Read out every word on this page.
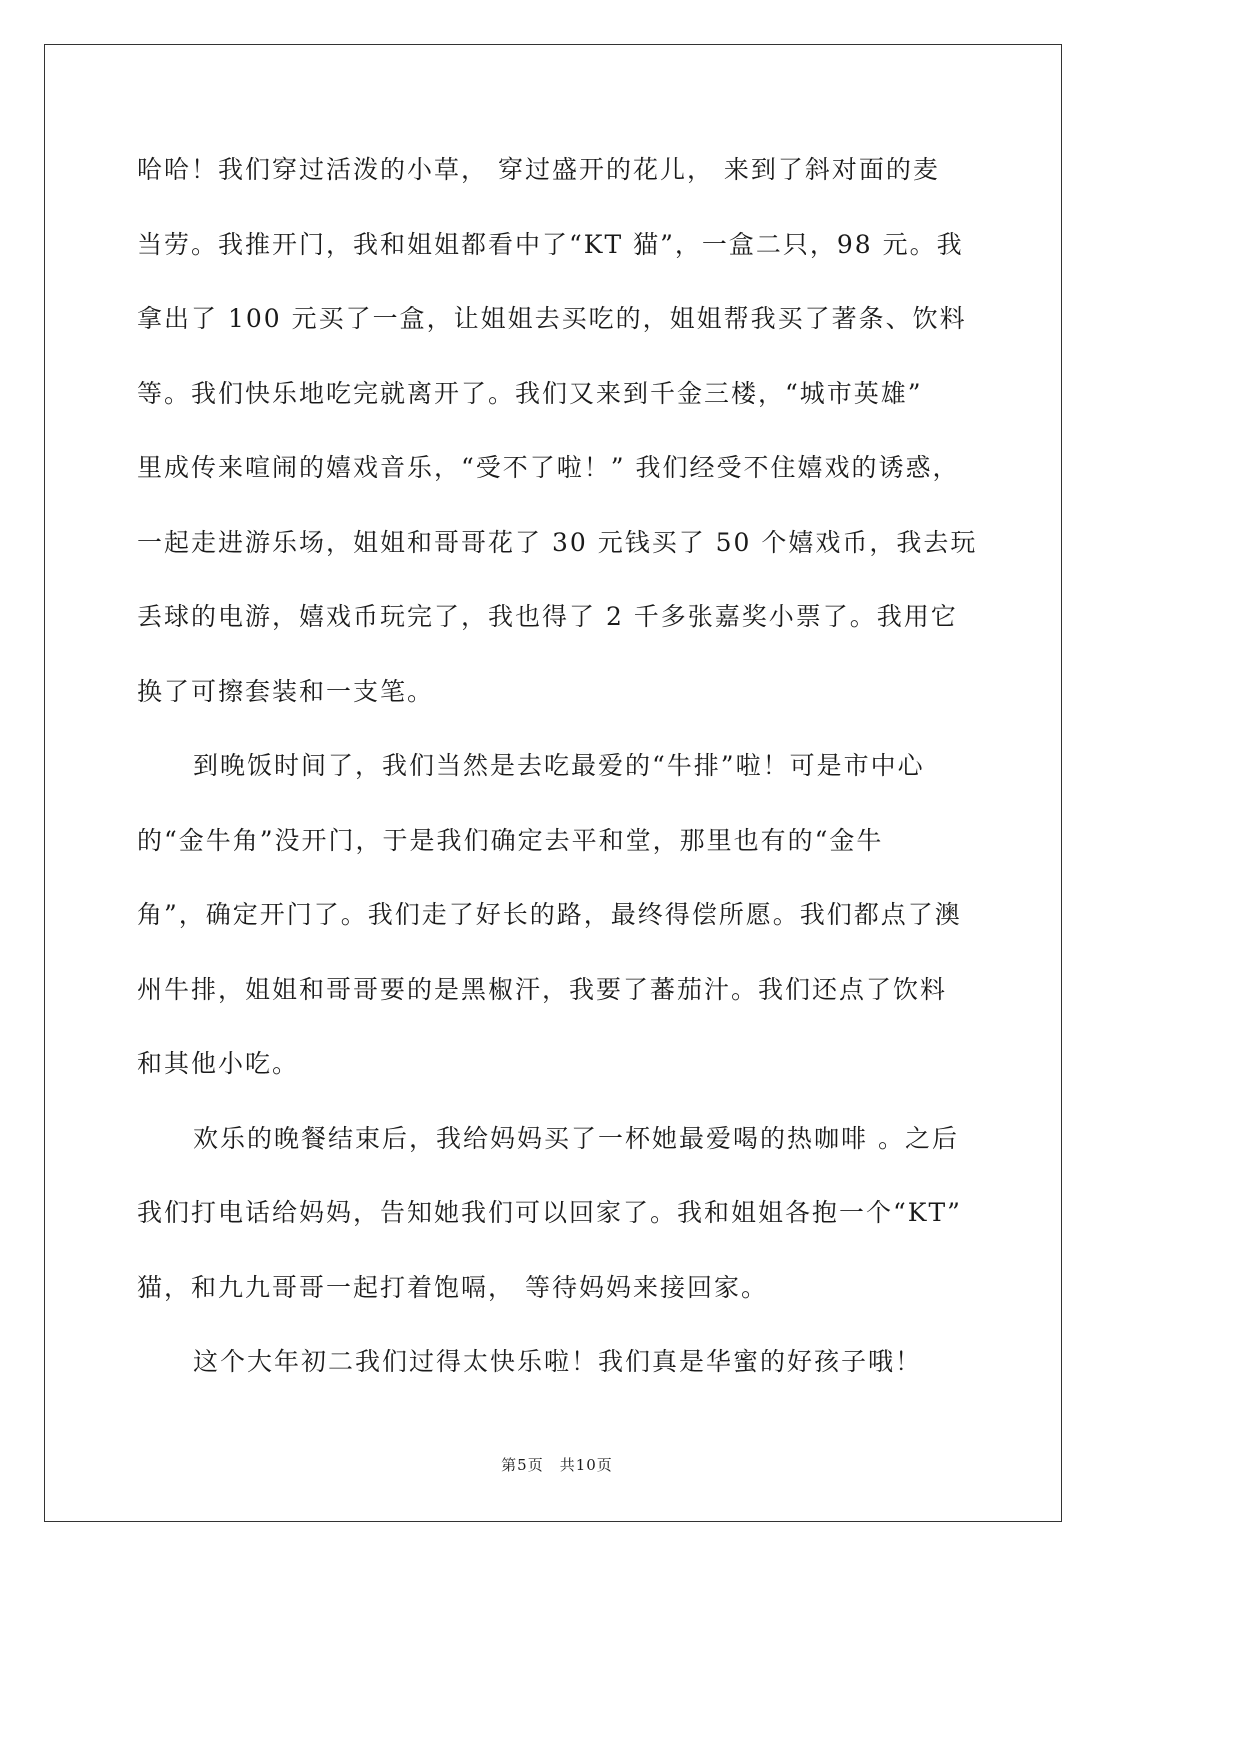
哈哈！我们穿过活泼的小草， 穿过盛开的花儿， 来到了斜对面的麦
当劳。我推开门，我和姐姐都看中了“KT 猫”，一盒二只，98 元。我
拿出了 100 元买了一盒，让姐姐去买吃的，姐姐帮我买了著条、饮料
等。我们快乐地吃完就离开了。我们又来到千金三楼，“城市英雄”
里成传来喧闹的嬉戏音乐，“受不了啦！” 我们经受不住嬉戏的诱惑，
一起走进游乐场，姐姐和哥哥花了 30 元钱买了 50 个嬉戏币，我去玩
丢球的电游，嬉戏币玩完了，我也得了 2 千多张嘉奖小票了。我用它
换了可擦套装和一支笔。
到晚饭时间了，我们当然是去吃最爱的“牛排”啦！可是市中心
的“金牛角”没开门，于是我们确定去平和堂，那里也有的“金牛
角”，确定开门了。我们走了好长的路，最终得偿所愿。我们都点了澳
州牛排，姐姐和哥哥要的是黑椒汗，我要了蕃茄汁。我们还点了饮料
和其他小吃。
欢乐的晚餐结束后，我给妈妈买了一杯她最爱喝的热咖啡 。之后
我们打电话给妈妈，告知她我们可以回家了。我和姐姐各抱一个“KT”
猫，和九九哥哥一起打着饱嗝， 等待妈妈来接回家。
这个大年初二我们过得太快乐啦！我们真是华蜜的好孩子哦！
第5页 共10页
